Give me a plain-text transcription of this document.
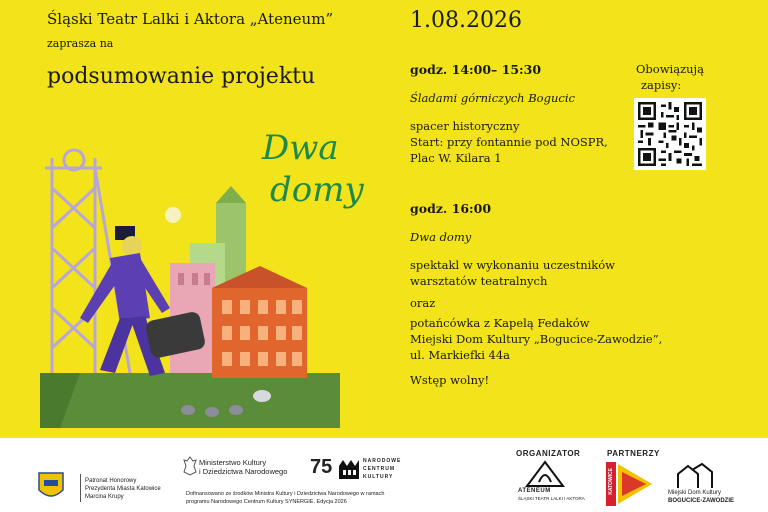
Śląski Teatr Lalki i Aktora „Ateneum”
zaprasza na
podsumowanie projektu
Dwa
domy
1.08.2026
godz. 14:00– 15:30
Śladami górniczych Bogucic
spacer historyczny
Start: przy fontannie pod NOSPR,
Plac W. Kilara 1
godz. 16:00
Dwa domy
spektakl w wykonaniu uczestników
warsztatów teatralnych
oraz
potańcówka z Kapelą Fedaków
Miejski Dom Kultury „Bogucice-Zawodzie”,
ul. Markiefki 44a
Wstęp wolny!
Obowiązują
zapisy:
Patronat Honorowy
Prezydenta Miasta Katowice
Marcina Krupy
Ministerstwo Kultury
i Dziedzictwa Narodowego 75	NARODOWE
CENTRUM
KULTURY
Dofinansowano ze środków Ministra Kultury i Dziedzictwa Narodowego w ramach
programu Narodowego Centrum Kultury SYNERGIE. Edycja 2026
ORGANIZATOR
ATENEUM
ŚLĄSKI TEATR LALKI I AKTORA
PARTNERZY
KATOWICE	Miejski Dom Kultury
BOGUCICE-ZAWODZIE
